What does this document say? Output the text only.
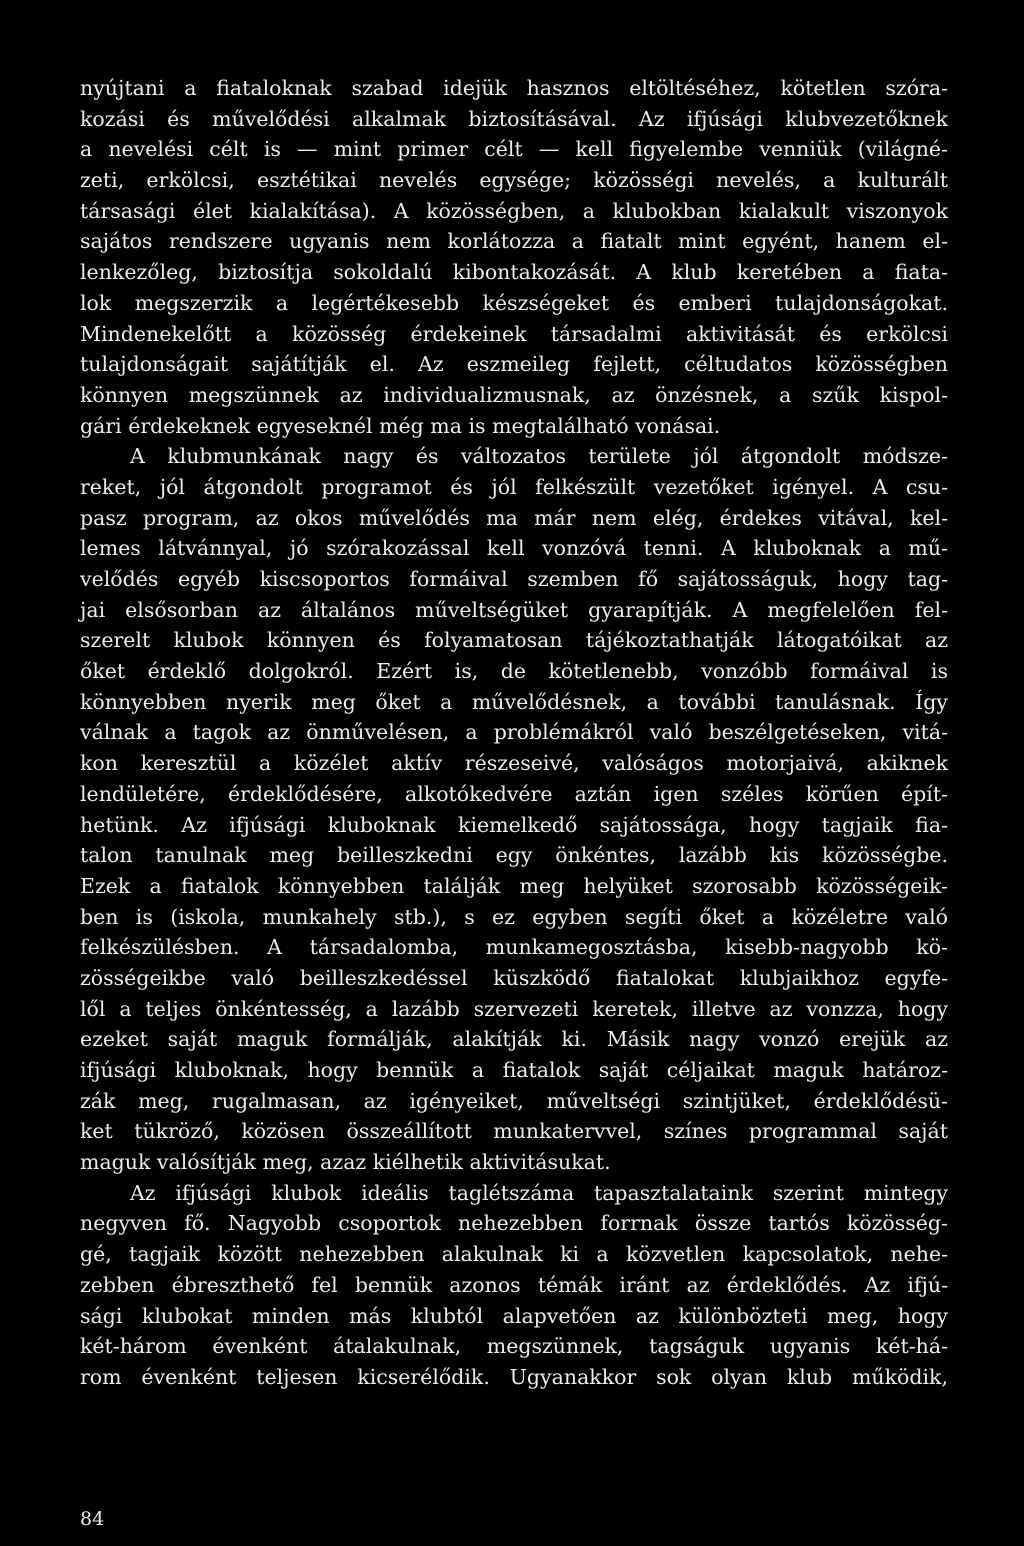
nyújtani a fiataloknak szabad idejük hasznos eltöltéséhez, kötetlen szóra-
kozási és művelődési alkalmak biztosításával. Az ifjúsági klubvezetőknek
a nevelési célt is — mint primer célt — kell figyelembe venniük (világné-
zeti, erkölcsi, esztétikai nevelés egysége; közösségi nevelés, a kulturált
társasági élet kialakítása). A közösségben, a klubokban kialakult viszonyok
sajátos rendszere ugyanis nem korlátozza a fiatalt mint egyént, hanem el-
lenkezőleg, biztosítja sokoldalú kibontakozását. A klub keretében a fiata-
lok megszerzik a legértékesebb készségeket és emberi tulajdonságokat.
Mindenekelőtt a közösség érdekeinek társadalmi aktivitását és erkölcsi
tulajdonságait sajátítják el. Az eszmeileg fejlett, céltudatos közösségben
könnyen megszünnek az individualizmusnak, az önzésnek, a szűk kispol-
gári érdekeknek egyeseknél még ma is megtalálható vonásai.
A klubmunkának nagy és változatos területe jól átgondolt módsze-
reket, jól átgondolt programot és jól felkészült vezetőket igényel. A csu-
pasz program, az okos művelődés ma már nem elég, érdekes vitával, kel-
lemes látvánnyal, jó szórakozással kell vonzóvá tenni. A kluboknak a mű-
velődés egyéb kiscsoportos formáival szemben fő sajátosságuk, hogy tag-
jai elsősorban az általános műveltségüket gyarapítják. A megfelelően fel-
szerelt klubok könnyen és folyamatosan tájékoztathatják látogatóikat az
őket érdeklő dolgokról. Ezért is, de kötetlenebb, vonzóbb formáival is
könnyebben nyerik meg őket a művelődésnek, a további tanulásnak. Így
válnak a tagok az önművelésen, a problémákról való beszélgetéseken, vitá-
kon keresztül a közélet aktív részeseivé, valóságos motorjaivá, akiknek
lendületére, érdeklődésére, alkotókedvére aztán igen széles körűen épít-
hetünk. Az ifjúsági kluboknak kiemelkedő sajátossága, hogy tagjaik fia-
talon tanulnak meg beilleszkedni egy önkéntes, lazább kis közösségbe.
Ezek a fiatalok könnyebben találják meg helyüket szorosabb közösségeik-
ben is (iskola, munkahely stb.), s ez egyben segíti őket a közéletre való
felkészülésben. A társadalomba, munkamegosztásba, kisebb-nagyobb kö-
zösségeikbe való beilleszkedéssel küszködő fiatalokat klubjaikhoz egyfe-
lől a teljes önkéntesség, a lazább szervezeti keretek, illetve az vonzza, hogy
ezeket saját maguk formálják, alakítják ki. Másik nagy vonzó erejük az
ifjúsági kluboknak, hogy bennük a fiatalok saját céljaikat maguk határoz-
zák meg, rugalmasan, az igényeiket, műveltségi szintjüket, érdeklődésü-
ket tükröző, közösen összeállított munkatervvel, színes programmal saját
maguk valósítják meg, azaz kiélhetik aktivitásukat.
Az ifjúsági klubok ideális taglétszáma tapasztalataink szerint mintegy
negyven fő. Nagyobb csoportok nehezebben forrnak össze tartós közösség-
gé, tagjaik között nehezebben alakulnak ki a közvetlen kapcsolatok, nehe-
zebben ébreszthető fel bennük azonos témák iránt az érdeklődés. Az ifjú-
sági klubokat minden más klubtól alapvetően az különbözteti meg, hogy
két-három évenként átalakulnak, megszünnek, tagságuk ugyanis két-há-
rom évenként teljesen kicserélődik. Ugyanakkor sok olyan klub működik,
84
